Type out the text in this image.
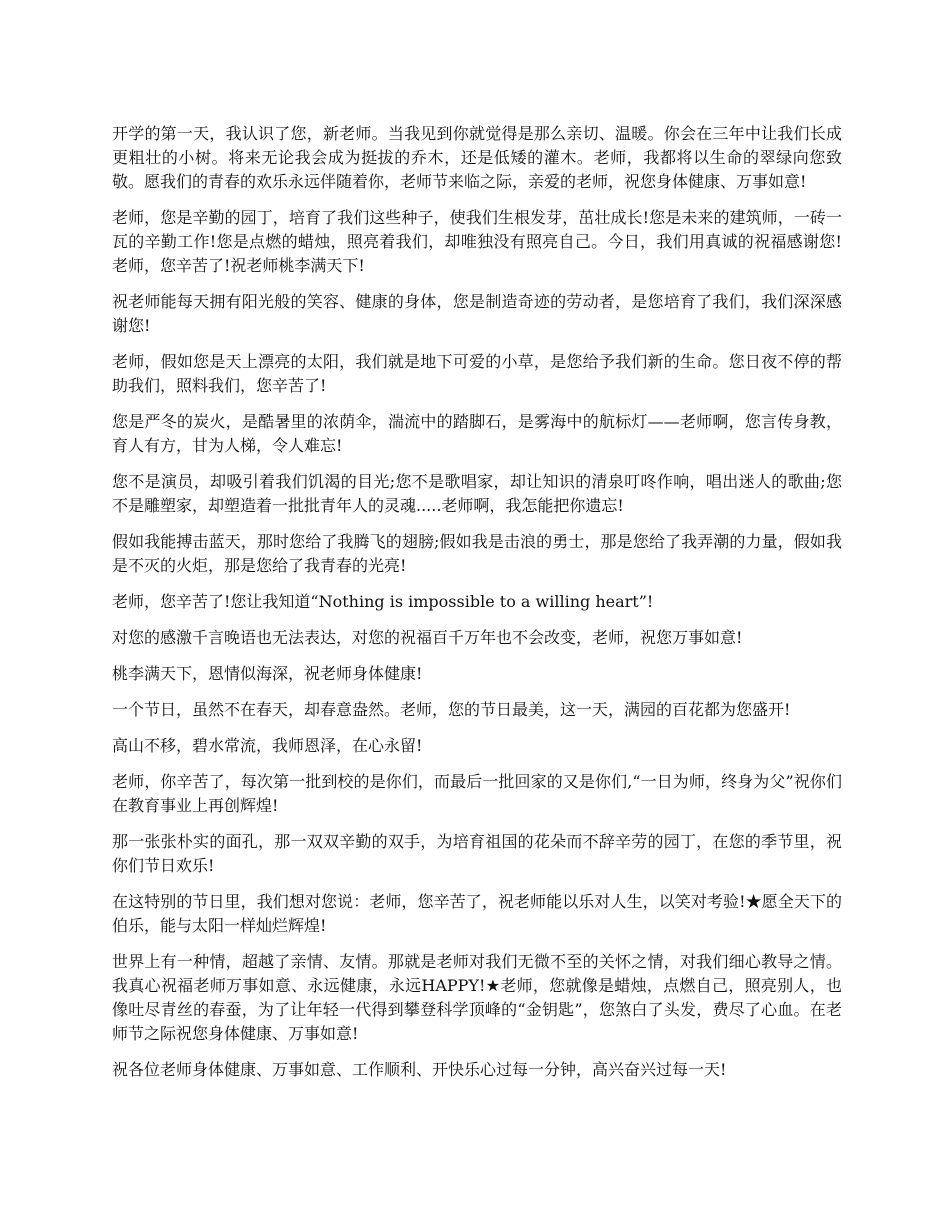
开学的第一天，我认识了您，新老师。当我见到你就觉得是那么亲切、温暖。你会在三年中让我们长成更粗壮的小树。将来无论我会成为挺拔的乔木，还是低矮的灌木。老师，我都将以生命的翠绿向您致敬。愿我们的青春的欢乐永远伴随着你，老师节来临之际，亲爱的老师，祝您身体健康、万事如意!

老师，您是辛勤的园丁，培育了我们这些种子，使我们生根发芽，茁壮成长!您是未来的建筑师，一砖一瓦的辛勤工作!您是点燃的蜡烛，照亮着我们，却唯独没有照亮自己。今日，我们用真诚的祝福感谢您!老师，您辛苦了!祝老师桃李满天下!

祝老师能每天拥有阳光般的笑容、健康的身体，您是制造奇迹的劳动者，是您培育了我们，我们深深感谢您!

老师，假如您是天上漂亮的太阳，我们就是地下可爱的小草，是您给予我们新的生命。您日夜不停的帮助我们，照料我们，您辛苦了!

您是严冬的炭火，是酷暑里的浓荫伞，湍流中的踏脚石，是雾海中的航标灯——老师啊，您言传身教，育人有方，甘为人梯，令人难忘!

您不是演员，却吸引着我们饥渴的目光;您不是歌唱家，却让知识的清泉叮咚作响，唱出迷人的歌曲;您不是雕塑家，却塑造着一批批青年人的灵魂.....老师啊，我怎能把你遗忘!

假如我能搏击蓝天，那时您给了我腾飞的翅膀;假如我是击浪的勇士，那是您给了我弄潮的力量，假如我是不灭的火炬，那是您给了我青春的光亮!

老师，您辛苦了!您让我知道“Nothing is impossible to a willing heart”!

对您的感激千言晚语也无法表达，对您的祝福百千万年也不会改变，老师，祝您万事如意!

桃李满天下，恩情似海深，祝老师身体健康!

一个节日，虽然不在春天，却春意盎然。老师，您的节日最美，这一天，满园的百花都为您盛开!

高山不移，碧水常流，我师恩泽，在心永留!

老师，你辛苦了，每次第一批到校的是你们，而最后一批回家的又是你们,“一日为师，终身为父”祝你们在教育事业上再创辉煌!

那一张张朴实的面孔，那一双双辛勤的双手，为培育祖国的花朵而不辞辛劳的园丁，在您的季节里，祝你们节日欢乐!

在这特别的节日里，我们想对您说：老师，您辛苦了，祝老师能以乐对人生，以笑对考验!★愿全天下的伯乐，能与太阳一样灿烂辉煌!

世界上有一种情，超越了亲情、友情。那就是老师对我们无微不至的关怀之情，对我们细心教导之情。我真心祝福老师万事如意、永远健康，永远HAPPY!★老师，您就像是蜡烛，点燃自己，照亮别人，也像吐尽青丝的春蚕，为了让年轻一代得到攀登科学顶峰的“金钥匙”，您煞白了头发，费尽了心血。在老师节之际祝您身体健康、万事如意!

祝各位老师身体健康、万事如意、工作顺利、开快乐心过每一分钟，高兴奋兴过每一天!
